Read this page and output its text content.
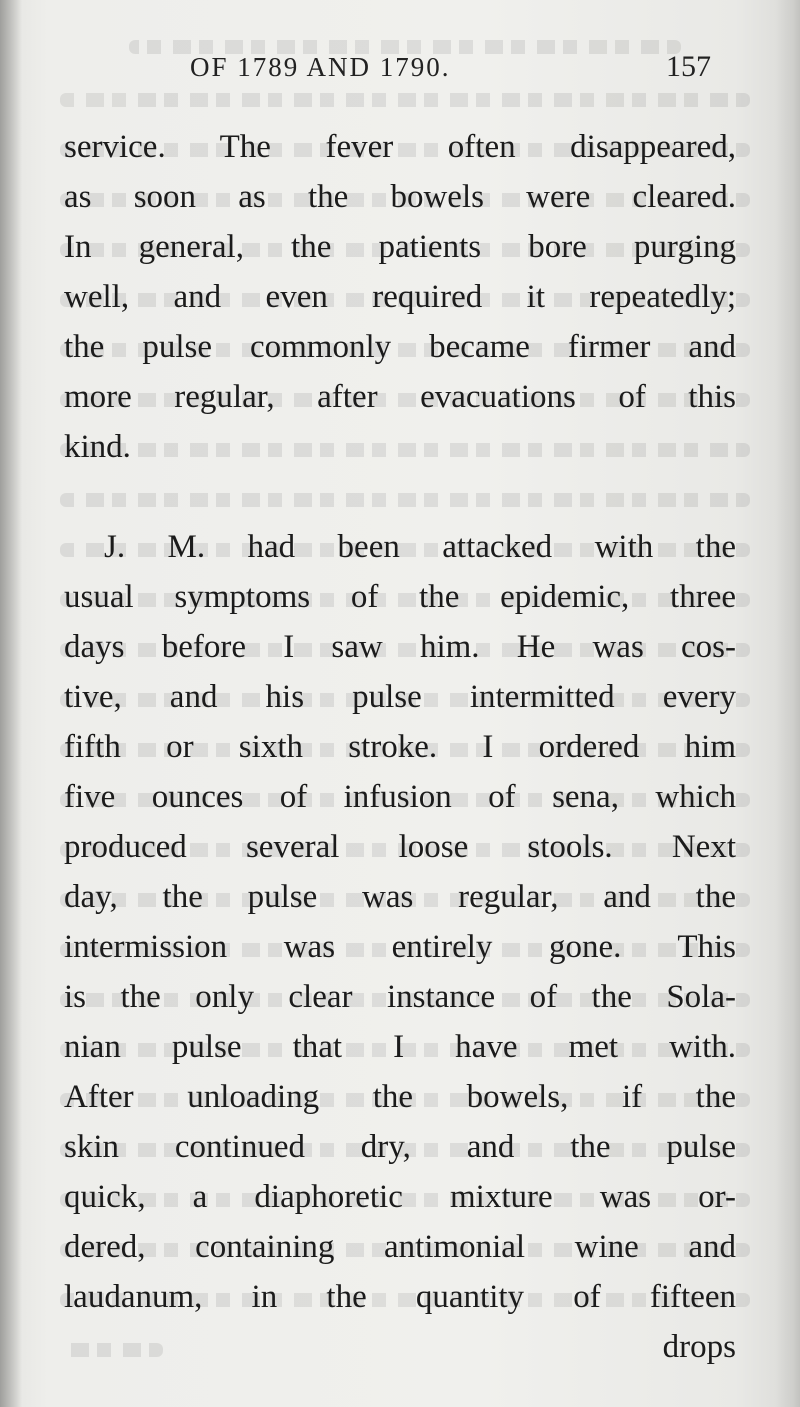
OF 1789 AND 1790.	157
service. The fever often disappeared,
as soon as the bowels were cleared.
In general, the patients bore purging
well, and even required it repeatedly;
the pulse commonly became firmer and
more regular, after evacuations of this
kind.
J. M. had been attacked with the
usual symptoms of the epidemic, three
days before I saw him. He was cos-
tive, and his pulse intermitted every
fifth or sixth stroke. I ordered him
five ounces of infusion of sena, which
produced several loose stools. Next
day, the pulse was regular, and the
intermission was entirely gone. This
is the only clear instance of the Sola-
nian pulse that I have met with.
After unloading the bowels, if the
skin continued dry, and the pulse
quick, a diaphoretic mixture was or-
dered, containing antimonial wine and
laudanum, in the quantity of fifteen
drops
